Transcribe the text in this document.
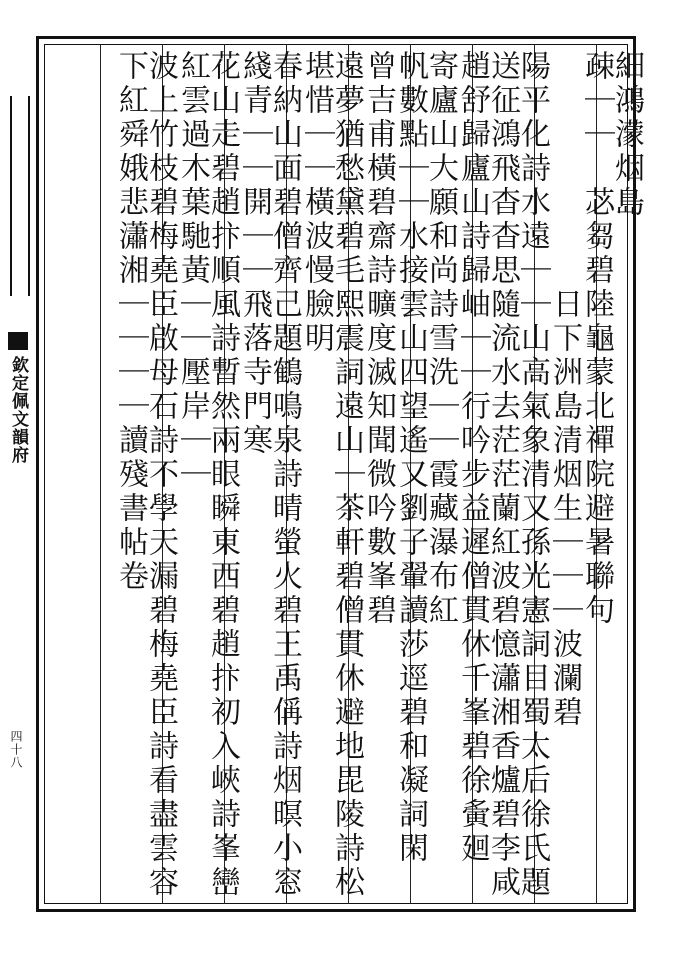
欽定佩文韻府
四十八
細鴻濛烟島
疎｜｜　苾芻碧陸龜蒙北禪院避暑聯句
　　　　　　　日下洲島清烟生｜｜｜波瀾碧
陽平化詩水遠｜｜山高氣象清又孫光憲詞目蜀太后徐氏題
送征鴻飛杳杳思隨流水去茫茫蘭紅波碧憶瀟湘香爐碧李咸
趙舒歸廬山詩歸岫｜｜行吟步益遲僧貫休千峯碧徐夤廻
寄廬山大願和尚詩雪洗｜｜霞藏瀑布紅
帆數點｜｜水接雲山四望遙又劉子翬讀莎逕碧和凝詞閑
曾吉甫橫碧齋詩曠度滅知聞微吟數峯碧
遠夢猶愁黛碧毛熙震詞遠山｜茶軒碧僧貫休避地毘陵詩松
堪惜｜｜橫波慢臉明
春納山面碧僧齊己題鶴鳴泉詩晴螢火碧王禹偁詩烟暝小窓
綫青｜｜開｜｜飛落寺門寒
花山走碧趙抃順風詩暫然兩眼瞬東西碧趙抃初入峽詩峯巒
紅雲過木葉馳黃｜｜壓岸｜｜
波上竹枝碧梅堯臣啟母石詩不學天漏碧梅堯臣詩看盡雲容
下紅舜娥悲瀟湘｜｜｜｜讀殘書帖卷
